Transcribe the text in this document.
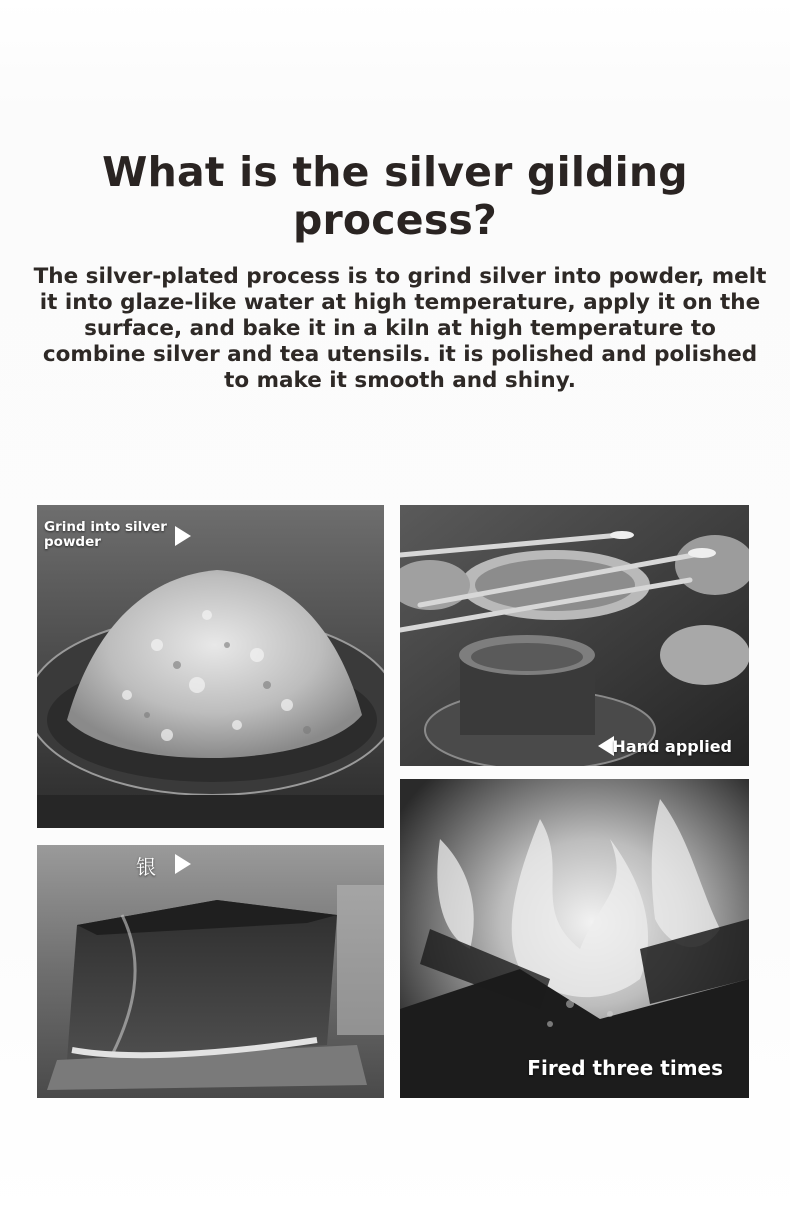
What is the silver gilding process?

The silver-plated process is to grind silver into powder, melt it into glaze-like water at high temperature, apply it on the surface, and bake it in a kiln at high temperature to combine silver and tea utensils. it is polished and polished to make it smooth and shiny.

Grind into silver powder
Hand applied
银
Fired three times
